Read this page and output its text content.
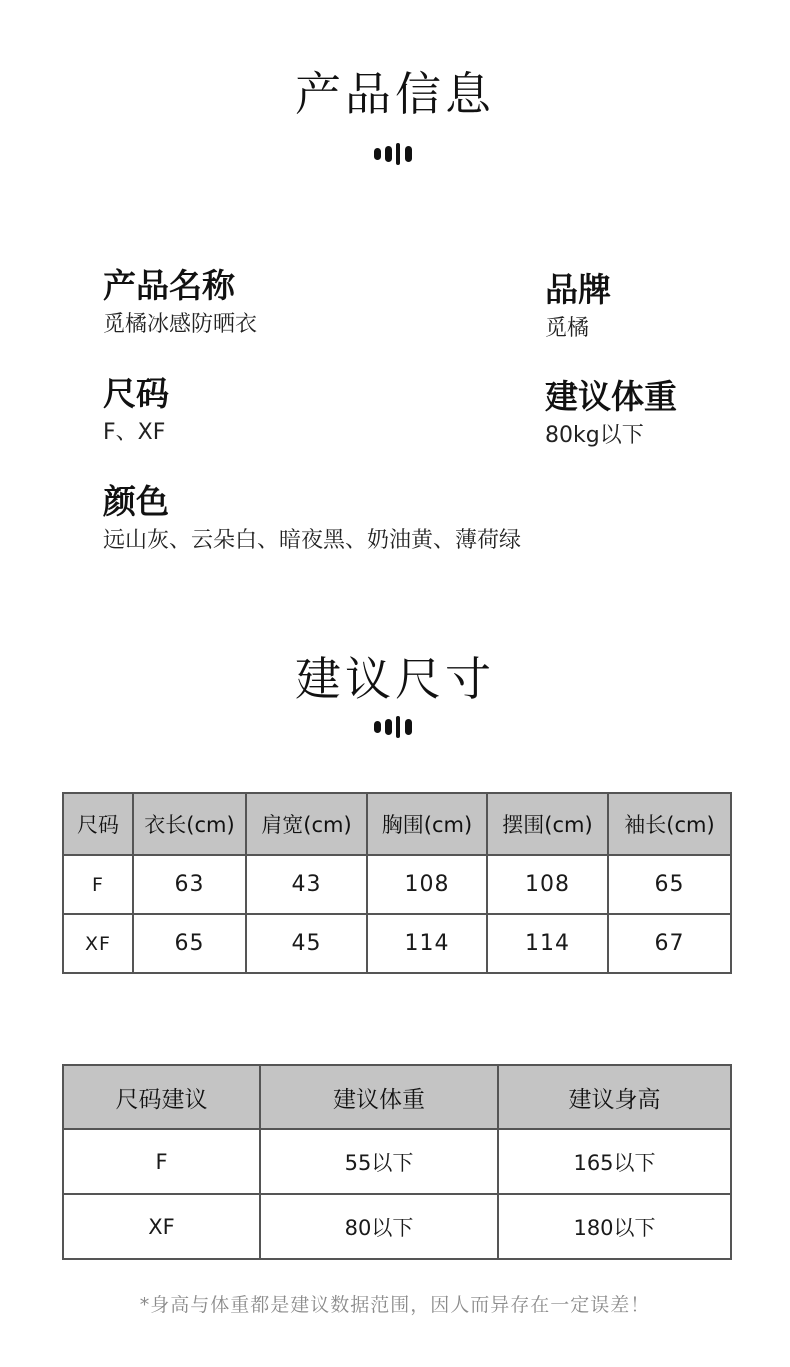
产品信息
产品名称
觅橘冰感防晒衣
品牌
觅橘
尺码
F、XF
建议体重
80kg以下
颜色
远山灰、云朵白、暗夜黑、奶油黄、薄荷绿
建议尺寸
尺码	衣长(cm)	肩宽(cm)	胸围(cm)	摆围(cm)	袖长(cm)
F	63	43	108	108	65
XF	65	45	114	114	67
尺码建议	建议体重	建议身高
F	55以下	165以下
XF	80以下	180以下
*身高与体重都是建议数据范围，因人而异存在一定误差！
